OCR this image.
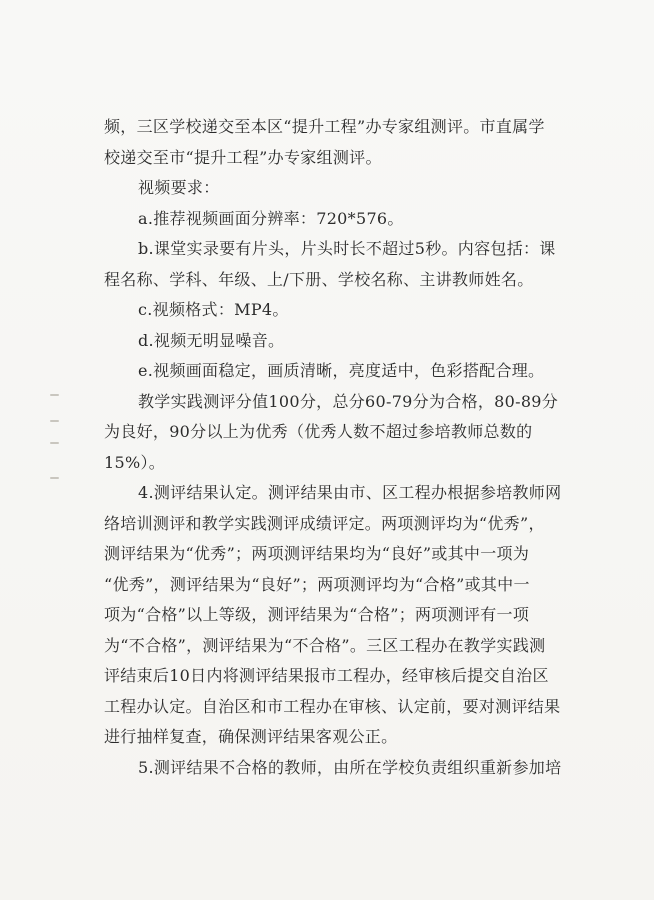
频，三区学校递交至本区“提升工程”办专家组测评。市直属学
校递交至市“提升工程”办专家组测评。
视频要求：
a.推荐视频画面分辨率：720*576。
b.课堂实录要有片头，片头时长不超过5秒。内容包括：课
程名称、学科、年级、上/下册、学校名称、主讲教师姓名。
c.视频格式：MP4。
d.视频无明显噪音。
e.视频画面稳定，画质清晰，亮度适中，色彩搭配合理。
教学实践测评分值100分，总分60-79分为合格，80-89分
为良好，90分以上为优秀（优秀人数不超过参培教师总数的
15%）。
4.测评结果认定。测评结果由市、区工程办根据参培教师网
络培训测评和教学实践测评成绩评定。两项测评均为“优秀”，
测评结果为“优秀”；两项测评结果均为“良好”或其中一项为
“优秀”，测评结果为“良好”；两项测评均为“合格”或其中一
项为“合格”以上等级，测评结果为“合格”；两项测评有一项
为“不合格”，测评结果为“不合格”。三区工程办在教学实践测
评结束后10日内将测评结果报市工程办，经审核后提交自治区
工程办认定。自治区和市工程办在审核、认定前，要对测评结果
进行抽样复查，确保测评结果客观公正。
5.测评结果不合格的教师，由所在学校负责组织重新参加培
